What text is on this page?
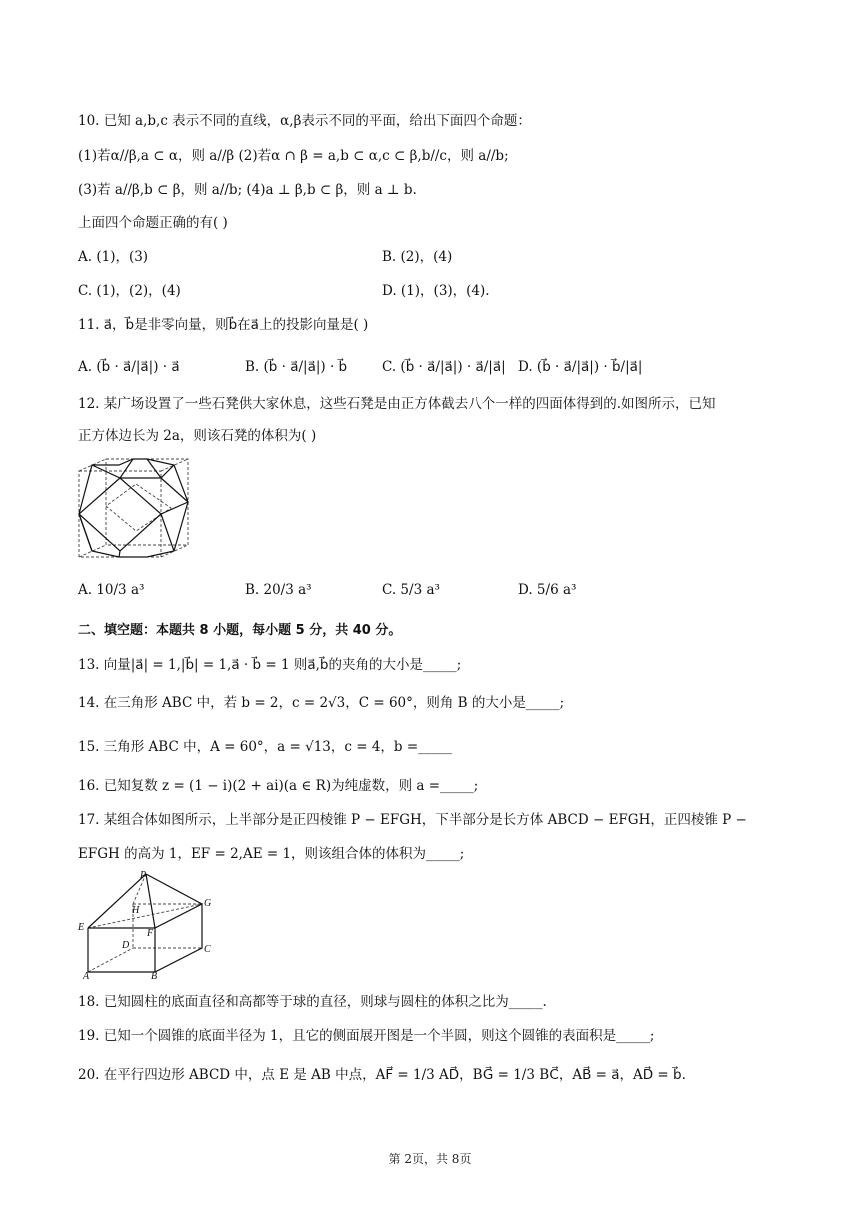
10. 已知 a,b,c 表示不同的直线，α,β表示不同的平面，给出下面四个命题：
(1)若α//β,a ⊂ α，则 a//β (2)若α ∩ β = a,b ⊂ α,c ⊂ β,b//c，则 a//b;
(3)若 a//β,b ⊂ β，则 a//b; (4)a ⊥ β,b ⊂ β，则 a ⊥ b.
上面四个命题正确的有( )
A. (1)，(3)	B. (2)，(4)
C. (1)，(2)，(4)	D. (1)，(3)，(4).
11. a⃗，b⃗是非零向量，则b⃗在a⃗上的投影向量是( )
A. (b⃗ · a⃗/|a⃗|) · a⃗	B. (b⃗ · a⃗/|a⃗|) · b⃗	C. (b⃗ · a⃗/|a⃗|) · a⃗/|a⃗| D. (b⃗ · a⃗/|a⃗|) · b⃗/|a⃗|
12. 某广场设置了一些石凳供大家休息，这些石凳是由正方体截去八个一样的四面体得到的.如图所示，已知
正方体边长为 2a，则该石凳的体积为( )
A. 10/3 a³	B. 20/3 a³	C. 5/3 a³	D. 5/6 a³
二、填空题：本题共 8 小题，每小题 5 分，共 40 分。
13. 向量|a⃗| = 1,|b⃗| = 1,a⃗ · b⃗ = 1 则a⃗,b⃗的夹角的大小是_____;
14. 在三角形 ABC 中，若 b = 2，c = 2√3，C = 60°，则角 B 的大小是_____;
15. 三角形 ABC 中，A = 60°，a = √13，c = 4，b =_____
16. 已知复数 z = (1 − i)(2 + ai)(a ∈ R)为纯虚数，则 a =_____;
17. 某组合体如图所示，上半部分是正四棱锥 P − EFGH，下半部分是长方体 ABCD − EFGH，正四棱锥 P −
EFGH 的高为 1，EF = 2,AE = 1，则该组合体的体积为_____;
P
H
G
E
F
D	C
A	B
18. 已知圆柱的底面直径和高都等于球的直径，则球与圆柱的体积之比为_____.
19. 已知一个圆锥的底面半径为 1，且它的侧面展开图是一个半圆，则这个圆锥的表面积是_____;
20. 在平行四边形 ABCD 中，点 E 是 AB 中点，AF⃗ = 1/3 AD⃗，BG⃗ = 1/3 BC⃗，AB⃗ = a⃗，AD⃗ = b⃗.
第 2页，共 8页
